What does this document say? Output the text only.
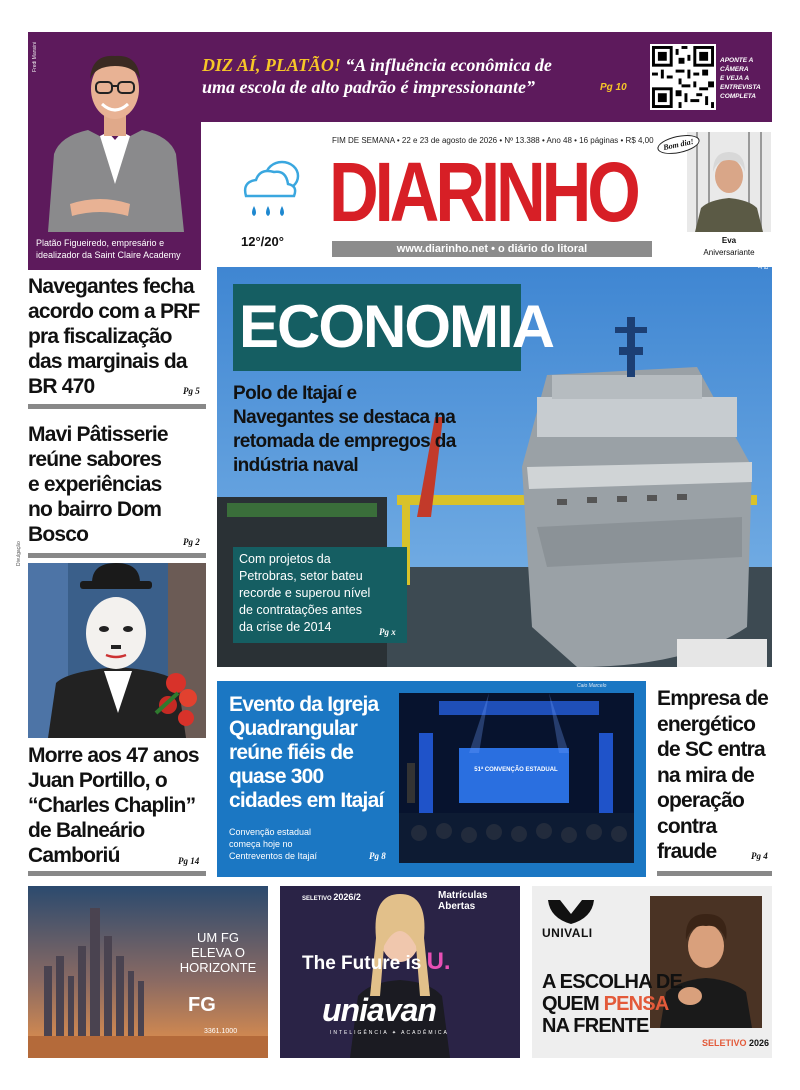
Fredi Mansini
Platão Figueiredo, empresário e
idealizador da Saint Claire Academy
DIZ AÍ, PLATÃO! “A influência econômica de
uma escola de alto padrão é impressionante”	Pg 10
APONTE A
CÂMERA
E VEJA A
ENTREVISTA
COMPLETA
12°/20°
FIM DE SEMANA • 22 e 23 de agosto de 2026 • Nº 13.388 • Ano 48 • 16 páginas • R$ 4,00
DIARINHO
www.diarinho.net • o diário do litoral
Bom dia!
Eva
Aniversariante
Navegantes fecha
acordo com a PRF
pra fiscalização
das marginais da
BR 470	Pg 5
Mavi Pâtisserie
reúne sabores
e experiências
no bairro Dom
Bosco	Pg 2
Divulgação
Morre aos 47 anos
Juan Portillo, o
“Charles Chaplin”
de Balneário
Camboriú	Pg 14
João Batista
ECONOMIA
Polo de Itajaí e
Navegantes se destaca na
retomada de empregos da
indústria naval
Com projetos da
Petrobras, setor bateu
recorde e superou nível
de contratações antes
da crise de 2014	Pg x
Evento da Igreja
Quadrangular
reúne fiéis de
quase 300
cidades em Itajaí
Convenção estadual
começa hoje no
Centreventos de Itajaí	Pg 8
51ª CONVENÇÃO ESTADUAL
Caio Marcelo
Empresa de
energético
de SC entra
na mira de
operação
contra
fraude	Pg 4
UM FG
ELEVA O
HORIZONTE
FG
3361.1000
SELETIVO 2026/2	Matrículas
Abertas
The Future is U.
uniavan
INTELIGÊNCIA ✦ ACADÊMICA
UNIVALI
A ESCOLHA DE
QUEM PENSA
NA FRENTE
SELETIVO 2026
